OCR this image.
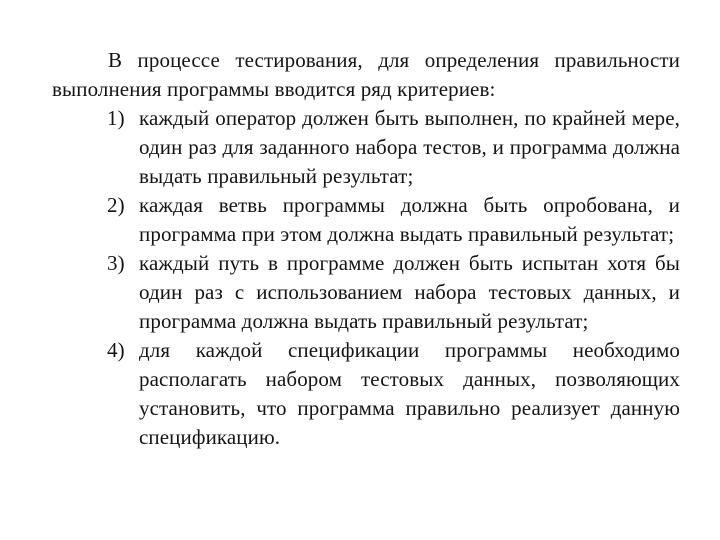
В процессе тестирования, для определения правильности выполнения программы вводится ряд критериев:

1) каждый оператор должен быть выполнен, по крайней мере, один раз для заданного набора тестов, и программа должна выдать правильный результат;
2) каждая ветвь программы должна быть опробована, и программа при этом должна выдать правильный результат;
3) каждый путь в программе должен быть испытан хотя бы один раз с использованием набора тестовых данных, и программа должна выдать правильный результат;
4) для каждой спецификации программы необходимо располагать набором тестовых данных, позволяющих установить, что программа правильно реализует данную спецификацию.
